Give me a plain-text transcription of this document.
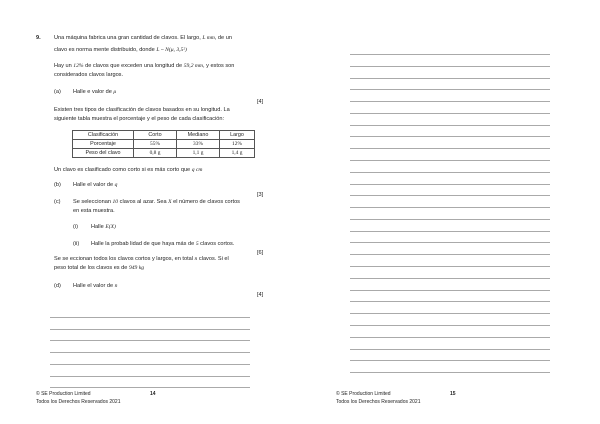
9. Una máquina fabrica una gran cantidad de clavos. El largo, L mm, de un
clavo es norma mente distribuido, donde L ~ N(μ, 3,5²)
Hay un 12% de clavos que exceden una longitud de 59,2 mm, y estos son
considerados clavos largos.
(a) Halle e valor de μ
[4]
Existen tres tipos de clasificación de clavos basados en su longitud. La
siguiente tabla muestra el porcentaje y el peso de cada clasificación:
Clasificación	Corto	Mediano	Largo
Porcentaje	55%	33%	12%
Peso del clavo	0,8 g	1,1 g	1,4 g
Un clavo es clasificado como corto si es más corto que q cm
(b) Halle el valor de q
[3]
(c) Se seleccionan 10 clavos al azar. Sea X el número de clavos cortos
en esta muestra.
(i) Halle E(X)
(ii) Halle la probab lidad de que haya más de 5 clavos cortos.
[6]
Se se eccionan todos los clavos cortos y largos, en total n clavos. Si el
peso total de los clavos es de 949 kg
(d) Halle el valor de n
[4]
© SE Production Limited
Todos los Derechos Reservados 2021
14	© SE Production Limited
Todos los Derechos Reservados 2021
15
